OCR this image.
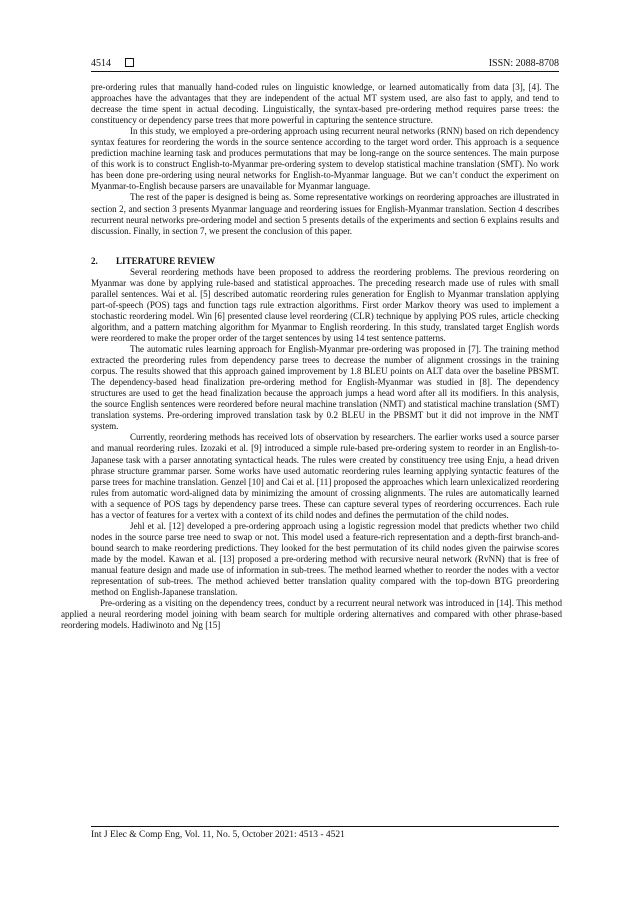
4514	ISSN: 2088-8708

pre-ordering rules that manually hand-coded rules on linguistic knowledge, or learned automatically from data [3], [4]. The approaches have the advantages that they are independent of the actual MT system used, are also fast to apply, and tend to decrease the time spent in actual decoding. Linguistically, the syntax-based pre-ordering method requires parse trees: the constituency or dependency parse trees that more powerful in capturing the sentence structure.

In this study, we employed a pre-ordering approach using recurrent neural networks (RNN) based on rich dependency syntax features for reordering the words in the source sentence according to the target word order. This approach is a sequence prediction machine learning task and produces permutations that may be long-range on the source sentences. The main purpose of this work is to construct English-to-Myanmar pre-ordering system to develop statistical machine translation (SMT). No work has been done pre-ordering using neural networks for English-to-Myanmar language. But we can’t conduct the experiment on Myanmar-to-English because parsers are unavailable for Myanmar language.

The rest of the paper is designed is being as. Some representative workings on reordering approaches are illustrated in section 2, and section 3 presents Myanmar language and reordering issues for English-Myanmar translation. Section 4 describes recurrent neural networks pre-ordering model and section 5 presents details of the experiments and section 6 explains results and discussion. Finally, in section 7, we present the conclusion of this paper.

2. LITERATURE REVIEW

Several reordering methods have been proposed to address the reordering problems. The previous reordering on Myanmar was done by applying rule-based and statistical approaches. The preceding research made use of rules with small parallel sentences. Wai et al. [5] described automatic reordering rules generation for English to Myanmar translation applying part-of-speech (POS) tags and function tags rule extraction algorithms. First order Markov theory was used to implement a stochastic reordering model. Win [6] presented clause level reordering (CLR) technique by applying POS rules, article checking algorithm, and a pattern matching algorithm for Myanmar to English reordering. In this study, translated target English words were reordered to make the proper order of the target sentences by using 14 test sentence patterns.

The automatic rules learning approach for English-Myanmar pre-ordering was proposed in [7]. The training method extracted the preordering rules from dependency parse trees to decrease the number of alignment crossings in the training corpus. The results showed that this approach gained improvement by 1.8 BLEU points on ALT data over the baseline PBSMT. The dependency-based head finalization pre-ordering method for English-Myanmar was studied in [8]. The dependency structures are used to get the head finalization because the approach jumps a head word after all its modifiers. In this analysis, the source English sentences were reordered before neural machine translation (NMT) and statistical machine translation (SMT) translation systems. Pre-ordering improved translation task by 0.2 BLEU in the PBSMT but it did not improve in the NMT system.

Currently, reordering methods has received lots of observation by researchers. The earlier works used a source parser and manual reordering rules. Izozaki et al. [9] introduced a simple rule-based pre-ordering system to reorder in an English-to-Japanese task with a parser annotating syntactical heads. The rules were created by constituency tree using Enju, a head driven phrase structure grammar parser. Some works have used automatic reordering rules learning applying syntactic features of the parse trees for machine translation. Genzel [10] and Cai et al. [11] proposed the approaches which learn unlexicalized reordering rules from automatic word-aligned data by minimizing the amount of crossing alignments. The rules are automatically learned with a sequence of POS tags by dependency parse trees. These can capture several types of reordering occurrences. Each rule has a vector of features for a vertex with a context of its child nodes and defines the permutation of the child nodes.

Jehl et al. [12] developed a pre-ordering approach using a logistic regression model that predicts whether two child nodes in the source parse tree need to swap or not. This model used a feature-rich representation and a depth-first branch-and-bound search to make reordering predictions. They looked for the best permutation of its child nodes given the pairwise scores made by the model. Kawan et al. [13] proposed a pre-ordering method with recursive neural network (RvNN) that is free of manual feature design and made use of information in sub-trees. The method learned whether to reorder the nodes with a vector representation of sub-trees. The method achieved better translation quality compared with the top-down BTG preordering method on English-Japanese translation.

Pre-ordering as a visiting on the dependency trees, conduct by a recurrent neural network was introduced in [14]. This method applied a neural reordering model joining with beam search for multiple ordering alternatives and compared with other phrase-based reordering models. Hadiwinoto and Ng [15]

Int J Elec & Comp Eng, Vol. 11, No. 5, October 2021: 4513 - 4521
